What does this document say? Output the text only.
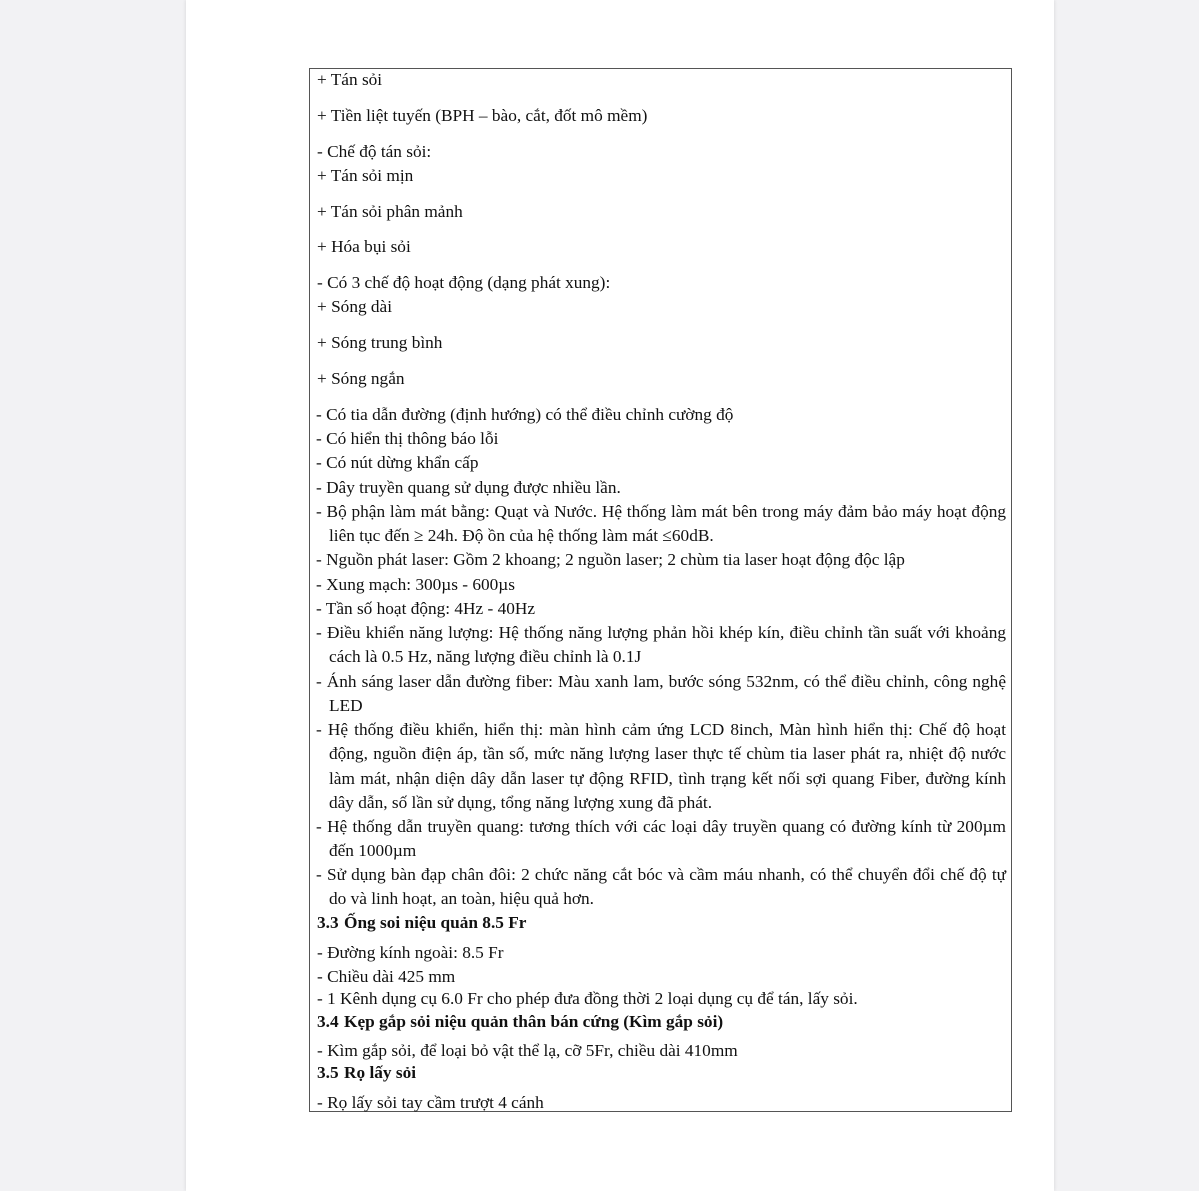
+ Tán sỏi
+ Tiền liệt tuyến (BPH – bào, cắt, đốt mô mềm)
- Chế độ tán sỏi:
+ Tán sỏi mịn
+ Tán sỏi phân mảnh
+ Hóa bụi sỏi
- Có 3 chế độ hoạt động (dạng phát xung):
+ Sóng dài
+ Sóng trung bình
+ Sóng ngắn
- Có tia dẫn đường (định hướng) có thể điều chỉnh cường độ
- Có hiển thị thông báo lỗi
- Có nút dừng khẩn cấp
- Dây truyền quang sử dụng được nhiều lần.
- Bộ phận làm mát bằng: Quạt và Nước. Hệ thống làm mát bên trong máy đảm bảo máy hoạt động liên tục đến ≥ 24h. Độ ồn của hệ thống làm mát ≤60dB.
- Nguồn phát laser: Gồm 2 khoang; 2 nguồn laser; 2 chùm tia laser hoạt động độc lập
- Xung mạch: 300µs - 600µs
- Tần số hoạt động: 4Hz - 40Hz
- Điều khiển năng lượng: Hệ thống năng lượng phản hồi khép kín, điều chỉnh tần suất với khoảng cách là 0.5 Hz, năng lượng điều chỉnh là 0.1J
- Ánh sáng laser dẫn đường fiber: Màu xanh lam, bước sóng 532nm, có thể điều chỉnh, công nghệ LED
- Hệ thống điều khiển, hiển thị: màn hình cảm ứng LCD 8inch, Màn hình hiển thị: Chế độ hoạt động, nguồn điện áp, tần số, mức năng lượng laser thực tế chùm tia laser phát ra, nhiệt độ nước làm mát, nhận diện dây dẫn laser tự động RFID, tình trạng kết nối sợi quang Fiber, đường kính dây dẫn, số lần sử dụng, tổng năng lượng xung đã phát.
- Hệ thống dẫn truyền quang: tương thích với các loại dây truyền quang có đường kính từ 200µm đến 1000µm
- Sử dụng bàn đạp chân đôi: 2 chức năng cắt bóc và cầm máu nhanh, có thể chuyển đổi chế độ tự do và linh hoạt, an toàn, hiệu quả hơn.
3.3 Ống soi niệu quản 8.5 Fr
- Đường kính ngoài: 8.5 Fr
- Chiều dài 425 mm
- 1 Kênh dụng cụ 6.0 Fr cho phép đưa đồng thời 2 loại dụng cụ để tán, lấy sỏi.
3.4 Kẹp gắp sỏi niệu quản thân bán cứng (Kìm gắp sỏi)
- Kìm gắp sỏi, để loại bỏ vật thể lạ, cỡ 5Fr, chiều dài 410mm
3.5 Rọ lấy sỏi
- Rọ lấy sỏi tay cầm trượt 4 cánh
